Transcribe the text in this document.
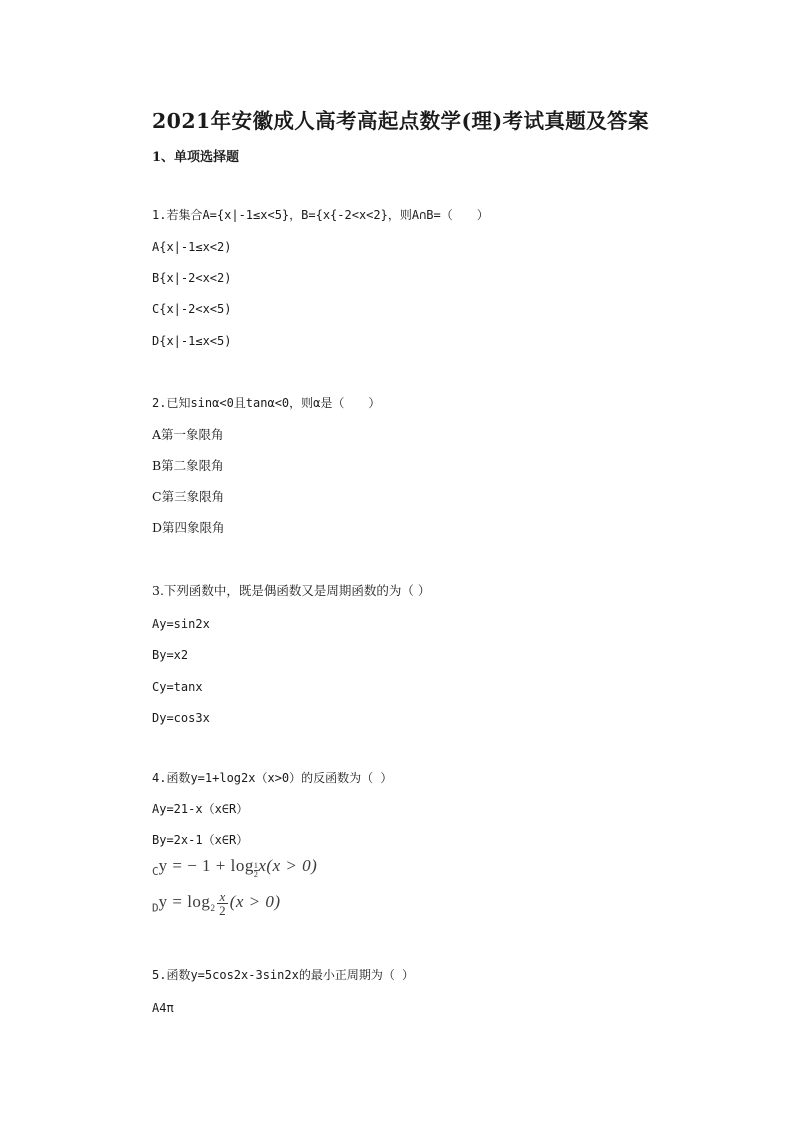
2021年安徽成人高考高起点数学(理)考试真题及答案
1、单项选择题
1.若集合A={x|-1≤x<5}，B={x{-2<x<2}，则A∩B=（　　）
A{x|-1≤x<2)
B{x|-2<x<2)
C{x|-2<x<5)
D{x|-1≤x<5)
2.已知sinα<0且tanα<0，则α是（　　）
A第一象限角
B第二象限角
C第三象限角
D第四象限角
3.下列函数中，既是偶函数又是周期函数的为（ ）
Ay=sin2x
By=x2
Cy=tanx
Dy=cos3x
4.函数y=1+log2x（x>0）的反函数为（ ）
Ay=21-x（x∈R）
By=2x-1（x∈R）
Cy = − $1 + \log \frac{1}{2} x(x > 0)$
$Dy = \log_2 \frac{x}{2} (x > 0)$
5.函数y=5cos2x-3sin2x的最小正周期为（ ）
A4π
